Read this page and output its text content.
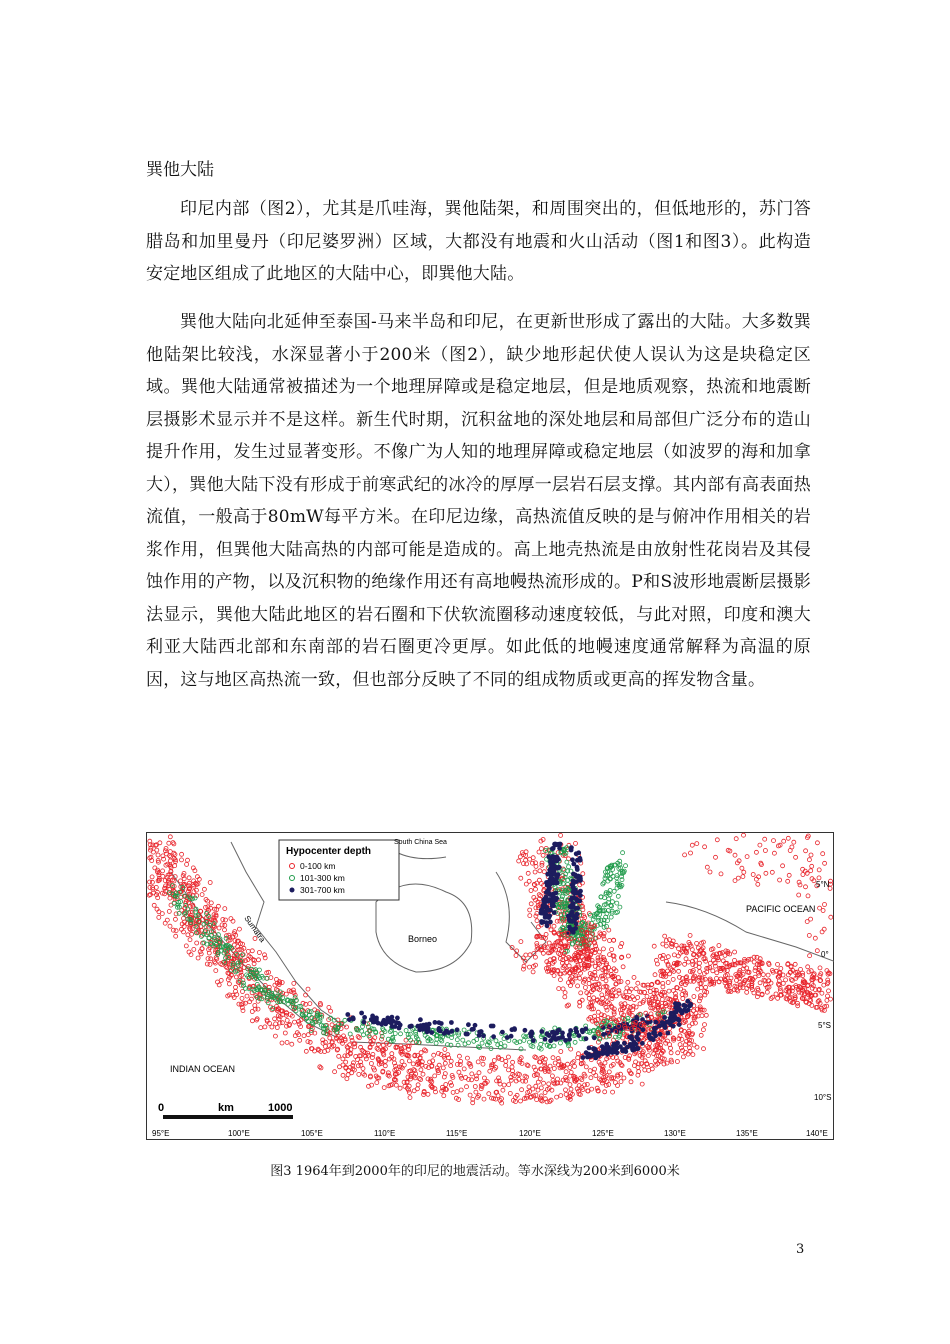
巽他大陆

印尼内部（图2），尤其是爪哇海，巽他陆架，和周围突出的，但低地形的，苏门答腊岛和加里曼丹（印尼婆罗洲）区域，大都没有地震和火山活动（图1和图3）。此构造安定地区组成了此地区的大陆中心，即巽他大陆。

巽他大陆向北延伸至泰国-马来半岛和印尼，在更新世形成了露出的大陆。大多数巽他陆架比较浅，水深显著小于200米（图2），缺少地形起伏使人误认为这是块稳定区域。巽他大陆通常被描述为一个地理屏障或是稳定地层，但是地质观察，热流和地震断层摄影术显示并不是这样。新生代时期，沉积盆地的深处地层和局部但广泛分布的造山提升作用，发生过显著变形。不像广为人知的地理屏障或稳定地层（如波罗的海和加拿大），巽他大陆下没有形成于前寒武纪的冰冷的厚厚一层岩石层支撑。其内部有高表面热流值，一般高于80mW每平方米。在印尼边缘，高热流值反映的是与俯冲作用相关的岩浆作用，但巽他大陆高热的内部可能是造成的。高上地壳热流是由放射性花岗岩及其侵蚀作用的产物，以及沉积物的绝缘作用还有高地幔热流形成的。P和S波形地震断层摄影法显示，巽他大陆此地区的岩石圈和下伏软流圈移动速度较低，与此对照，印度和澳大利亚大陆西北部和东南部的岩石圈更冷更厚。如此低的地幔速度通常解释为高温的原因，这与地区高热流一致，但也部分反映了不同的组成物质或更高的挥发物含量。

Hypocenter depth
0-100 km
101-300 km
301-700 km
South China Sea
PACIFIC OCEAN
INDIAN OCEAN
Borneo
Sumatra
0	km	1000
95°E	100°E	105°E	110°E	115°E	120°E	125°E	130°E	135°E	140°E
5°N
0°
5°S
10°S
图3 1964年到2000年的印尼的地震活动。等水深线为200米到6000米
3
